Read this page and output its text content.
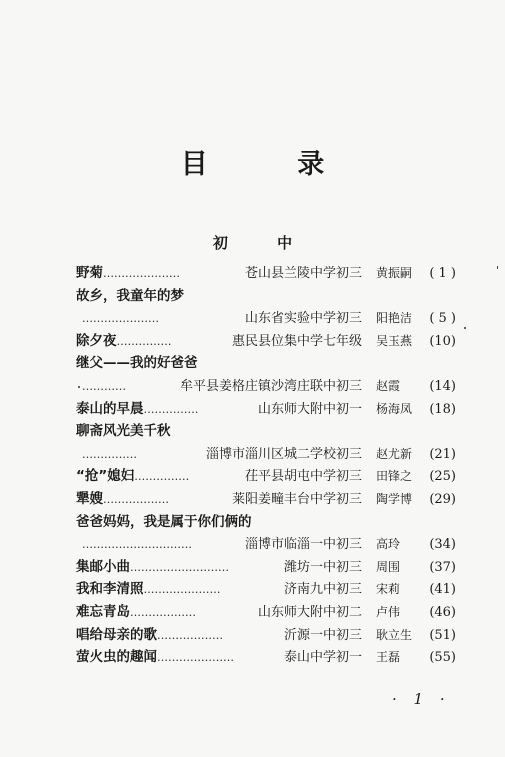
目 录
初 中
野菊 …………………	苍山县兰陵中学初三 黄振嗣	( 1 )
故乡，我童年的梦
…………………	山东省实验中学初三 阳艳洁	( 5 )
除夕夜 ……………	惠民县位集中学七年级 吴玉燕	(10)
继父——我的好爸爸
…………	牟平县姜格庄镇沙湾庄联中初三 赵霞	(14)
泰山的早晨 ……………	山东师大附中初一 杨海凤	(18)
聊斋风光美千秋
……………	淄博市淄川区城二学校初三 赵尤新	(21)
“抢”媳妇 ……………	茌平县胡屯中学初三 田锋之	(25)
犟嫂 ………………	莱阳姜疃丰台中学初三 陶学博	(29)
爸爸妈妈，我是属于你们俩的
…………………………	淄博市临淄一中初三 高玲	(34)
集邮小曲 ………………………	潍坊一中初三 周围	(37)
我和李清照 …………………	济南九中初三 宋莉	(41)
难忘青岛 ………………	山东师大附中初二 卢伟	(46)
唱给母亲的歌 ………………	沂源一中初三 耿立生	(51)
萤火虫的趣闻 …………………	泰山中学初一 王磊	(55)
· 1 ·
